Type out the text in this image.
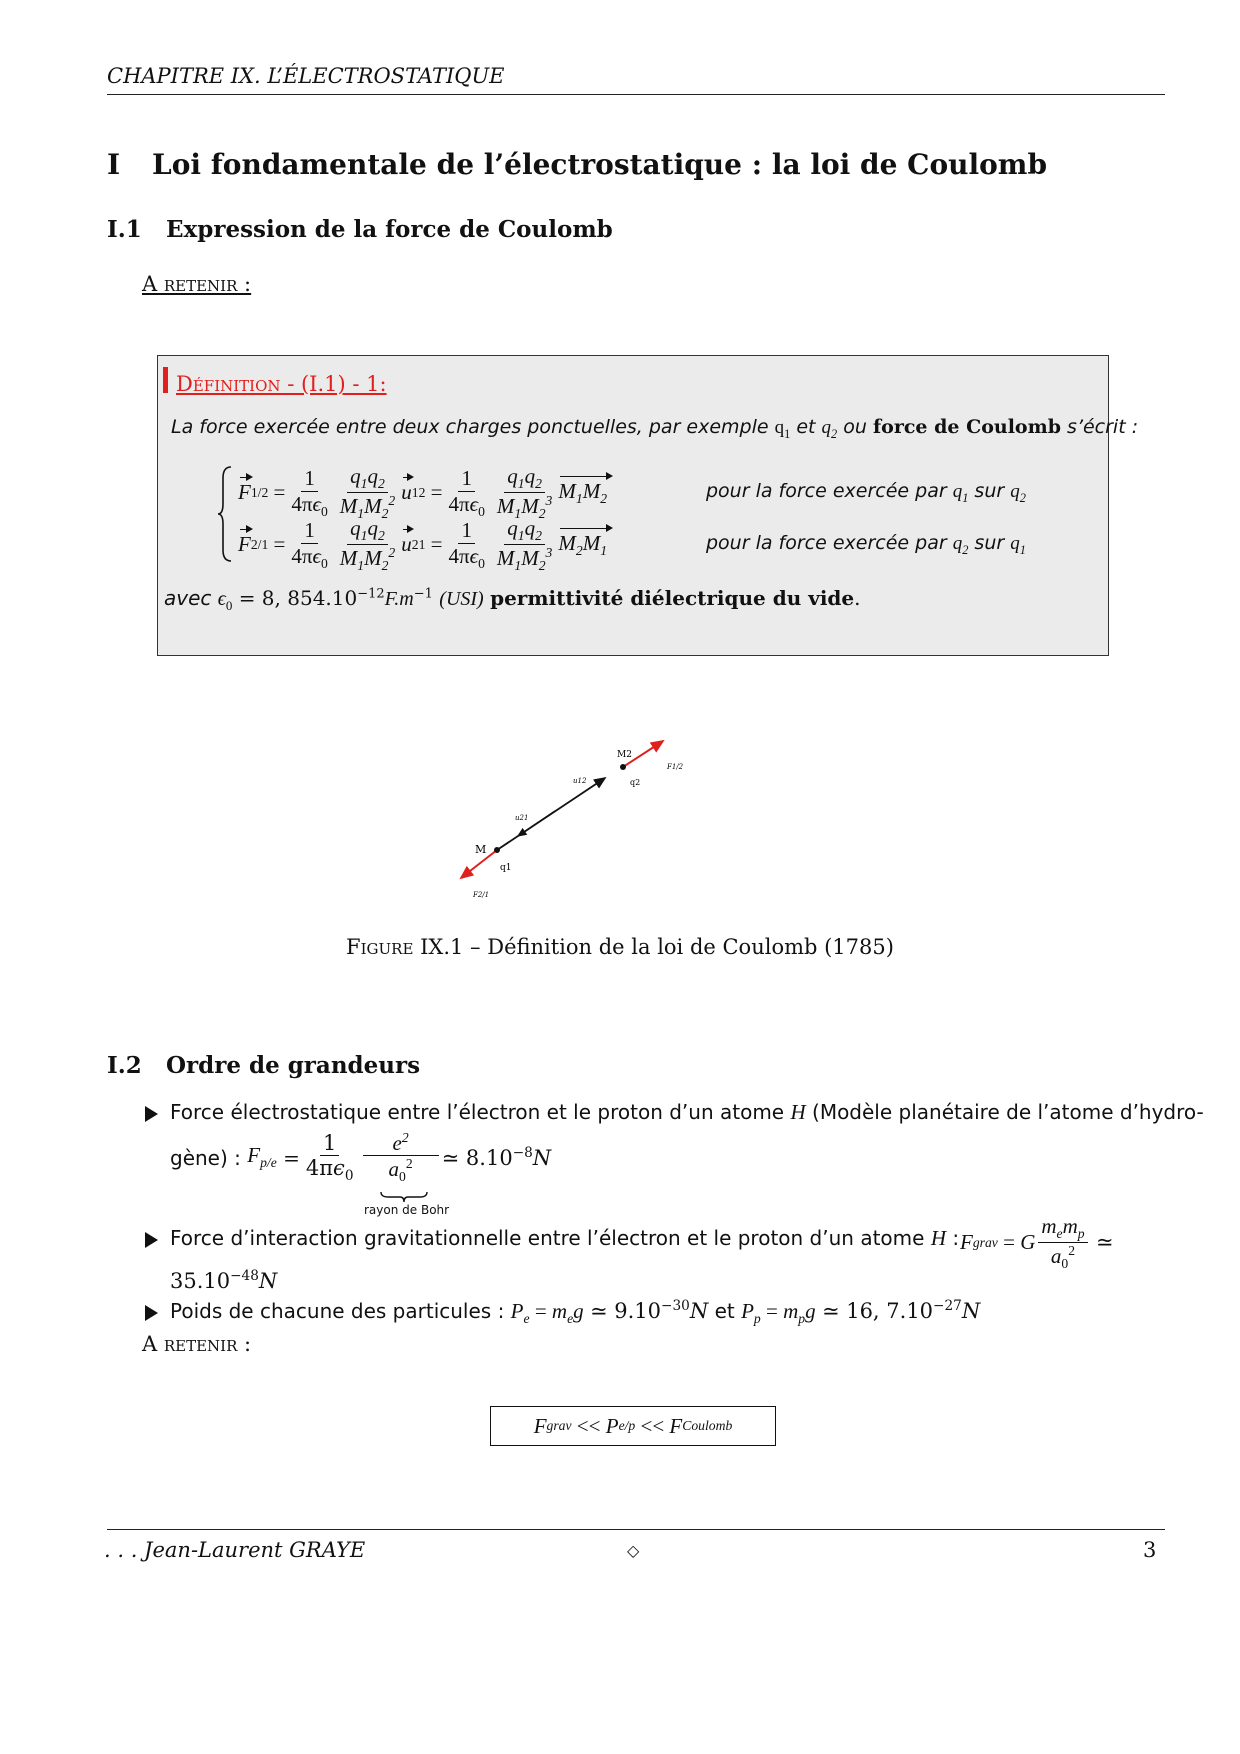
CHAPITRE IX. L’ÉLECTROSTATIQUE
I Loi fondamentale de l’électrostatique : la loi de Coulomb
I.1 Expression de la force de Coulomb
A retenir :
Définition - (I.1) - 1:
La force exercée entre deux charges ponctuelles, par exemple $q_1$ et $q_2$ ou force de Coulomb s’écrit :
F 1/2
= $\frac{1}{4\pi\epsilon_0} \frac{q_1q_2}{M_1M_2^2}$ u 12
= $\frac{1}{4\pi\epsilon_0} \frac{q_1q_2}{M_1M_2^3} M_1M_2$	pour la force exercée par $q_1$ sur $q_2$
F 2/1
= $\frac{1}{4\pi\epsilon_0} \frac{q_1q_2}{M_1M_2^2}$ u 21
= $\frac{1}{4\pi\epsilon_0} \frac{q_1q_2}{M_1M_2^3} M_2M_1$	pour la force exercée par $q_2$ sur $q_1$
avec $\epsilon_0 = 8$, $854.10^{-12}F.m^{-1}$ (USI) permittivité diélectrique du vide.
M
q1
M2
q2
u12
u21
F1/2
F2/1
Figure IX.1 – Définition de la loi de Coulomb (1785)
I.2 Ordre de grandeurs
Force électrostatique entre l’électron et le proton d’un atome H (Modèle planétaire de l’atome d’hydro-
gène) :
$F_{p/e}$
= $\frac{1}{4\pi\epsilon_0} \frac{e^2}{a_0^2}$ ≃ $8.10^{-8}N$
rayon de Bohr
Force d’interaction gravitationnelle entre l’électron et le proton d’un atome H : F grav
= G $\frac{m_em_p}{a_0^2}$
≃
$35.10^{-48}N$
Poids de chacune des particules : $P_e = m_eg$ ≃ $9.10^{-30}N$ et $P_p = m_pg$ ≃ 16, $7.10^{-27}N$
A retenir :
F grav
<< P e/p
<< F Coulomb
. . . Jean-Laurent GRAYE	◇	3
